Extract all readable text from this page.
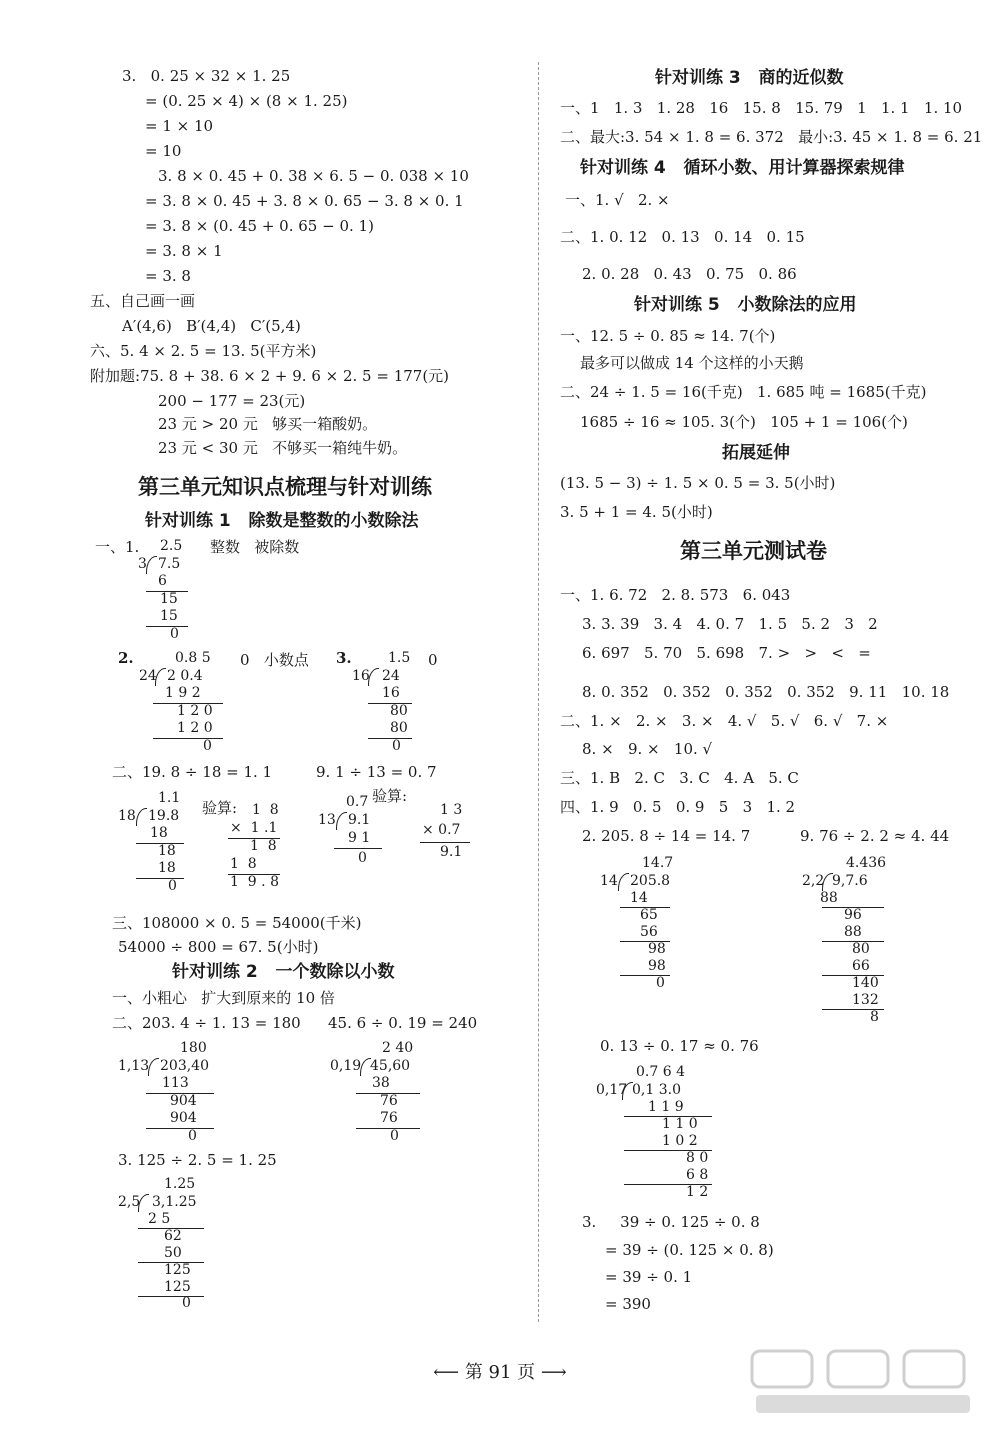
3.   0. 25 × 32 × 1. 25
= (0. 25 × 4) × (8 × 1. 25)
= 1 × 10
= 10
3. 8 × 0. 45 + 0. 38 × 6. 5 − 0. 038 × 10
= 3. 8 × 0. 45 + 3. 8 × 0. 65 − 3. 8 × 0. 1
= 3. 8 × (0. 45 + 0. 65 − 0. 1)
= 3. 8 × 1
= 3. 8
五、自己画一画
A′(4,6)   B′(4,4)   C′(5,4)
六、5. 4 × 2. 5 = 13. 5(平方米)
附加题:75. 8 + 38. 6 × 2 + 9. 6 × 2. 5 = 177(元)
200 − 177 = 23(元)
23 元 > 20 元   够买一箱酸奶。
23 元 < 30 元   不够买一箱纯牛奶。
第三单元知识点梳理与针对训练
针对训练 1   除数是整数的小数除法
一、1.	整数   被除数
2.5
3 7.5
6
15
15
0
2.	0   小数点
0.8 5
24 2 0.4
1 9 2
1 2 0
1 2 0
0
3.	0
1.5
16 24
16
80
80
0
二、19. 8 ÷ 18 = 1. 1	9. 1 ÷ 13 = 0. 7
1.1
18 19.8
18
18
18
0
验算: 1  8
×  1 .1
1  8
1  8
1  9 . 8
0.7
13 9.1
9 1
0
验算:
1 3
× 0.7
9.1
三、108000 × 0. 5 = 54000(千米)
54000 ÷ 800 = 67. 5(小时)
针对训练 2   一个数除以小数
一、小粗心   扩大到原来的 10 倍
二、203. 4 ÷ 1. 13 = 180 45. 6 ÷ 0. 19 = 240
180
1,13 203,40
113
904
904
0
2 40
0,19 45,60
38
76
76
0
3. 125 ÷ 2. 5 = 1. 25
1.25
2,5 3,1.25
2 5
62
50
125
125
0
针对训练 3   商的近似数
一、1   1. 3   1. 28   16   15. 8   15. 79   1   1. 1   1. 10
二、最大:3. 54 × 1. 8 = 6. 372   最小:3. 45 × 1. 8 = 6. 21
针对训练 4   循环小数、用计算器探索规律
一、1. √   2. ×
二、1. 0. 12   0. 13   0. 14   0. 15
2. 0. 28   0. 43   0. 75   0. 86
针对训练 5   小数除法的应用
一、12. 5 ÷ 0. 85 ≈ 14. 7(个)
最多可以做成 14 个这样的小天鹅
二、24 ÷ 1. 5 = 16(千克)   1. 685 吨 = 1685(千克)
1685 ÷ 16 ≈ 105. 3(个)   105 + 1 = 106(个)
拓展延伸
(13. 5 − 3) ÷ 1. 5 × 0. 5 = 3. 5(小时)
3. 5 + 1 = 4. 5(小时)
第三单元测试卷
一、1. 6. 72   2. 8. 573   6. 043
3. 3. 39   3. 4   4. 0. 7   1. 5   5. 2   3   2
6. 697   5. 70   5. 698   7. >   >   <   =
8. 0. 352   0. 352   0. 352   0. 352   9. 11   10. 18
二、1. ×   2. ×   3. ×   4. √   5. √   6. √   7. ×
8. ×   9. ×   10. √
三、1. B   2. C   3. C   4. A   5. C
四、1. 9   0. 5   0. 9   5   3   1. 2
2. 205. 8 ÷ 14 = 14. 7	9. 76 ÷ 2. 2 ≈ 4. 44
14.7
14 205.8
14
65
56
98
98
0
4.436
2,2 9,7.6
88
96
88
80
66
140
132
8
0. 13 ÷ 0. 17 ≈ 0. 76
0.7 6 4
0,17 0,1 3.0
1 1 9
1 1 0
1 0 2
8 0
6 8
1 2
3.     39 ÷ 0. 125 ÷ 0. 8
= 39 ÷ (0. 125 × 0. 8)
= 39 ÷ 0. 1
= 390
⟵ 第 91 页 ⟶
